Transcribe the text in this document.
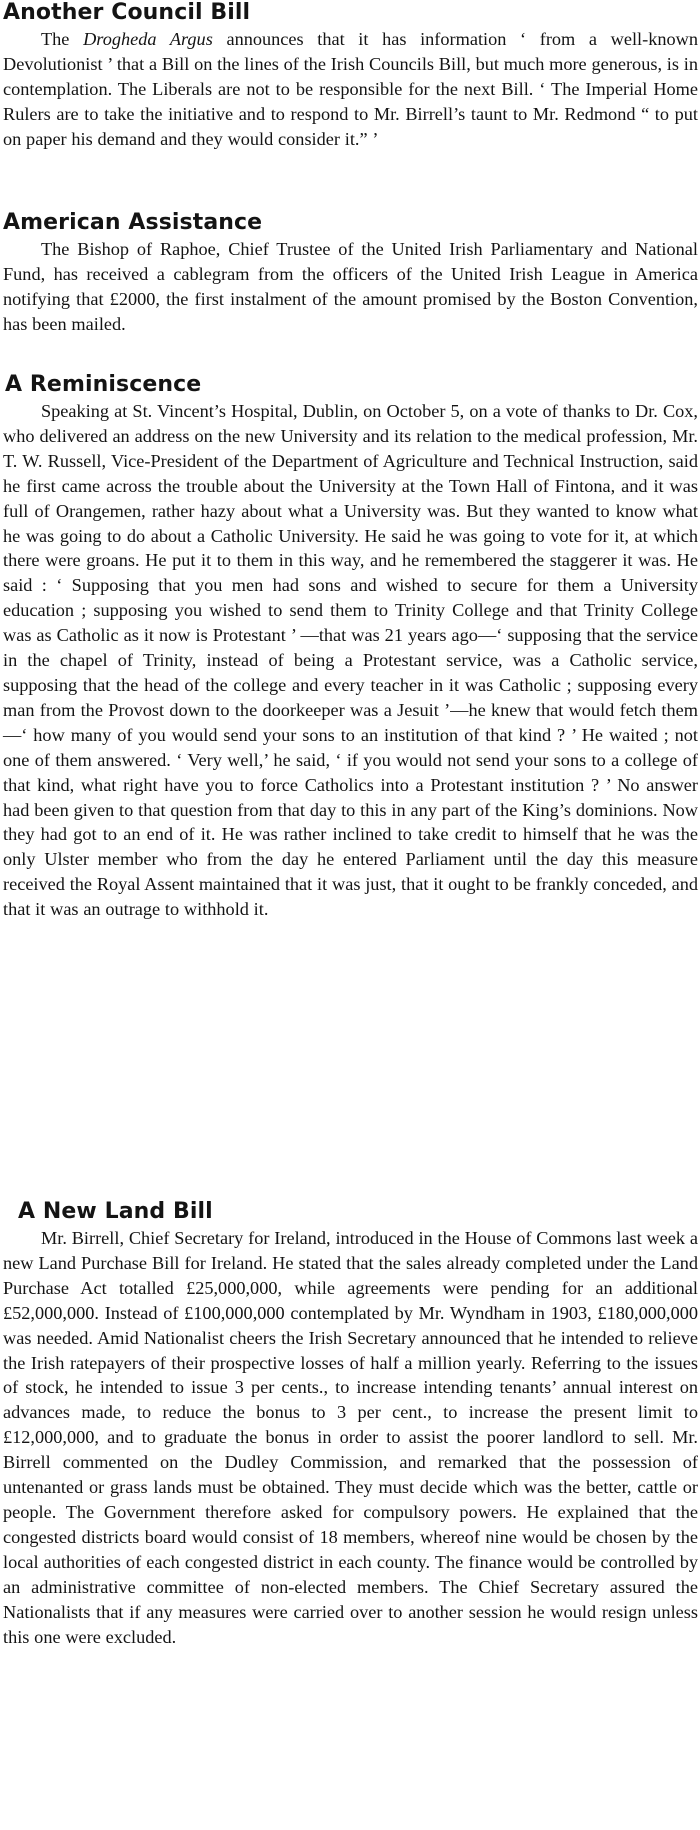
Another Council Bill

The Drogheda Argus announces that it has information ‘ from a well-known Devolutionist ’ that a Bill on the lines of the Irish Councils Bill, but much more generous, is in contemplation. The Liberals are not to be responsible for the next Bill. ‘ The Imperial Home Rulers are to take the initiative and to respond to Mr. Birrell’s taunt to Mr. Redmond “ to put on paper his demand and they would consider it.” ’

American Assistance

The Bishop of Raphoe, Chief Trustee of the United Irish Parliamentary and National Fund, has received a cablegram from the officers of the United Irish League in America notifying that £2000, the first instalment of the amount promised by the Boston Convention, has been mailed.

A Reminiscence

Speaking at St. Vincent’s Hospital, Dublin, on October 5, on a vote of thanks to Dr. Cox, who delivered an address on the new University and its relation to the medical profession, Mr. T. W. Russell, Vice-President of the Department of Agriculture and Technical Instruction, said he first came across the trouble about the University at the Town Hall of Fintona, and it was full of Orangemen, rather hazy about what a University was. But they wanted to know what he was going to do about a Catholic University. He said he was going to vote for it, at which there were groans. He put it to them in this way, and he remembered the staggerer it was. He said : ‘ Supposing that you men had sons and wished to secure for them a University education ; supposing you wished to send them to Trinity College and that Trinity College was as Catholic as it now is Protestant ’ —that was 21 years ago—‘ supposing that the service in the chapel of Trinity, instead of being a Protestant service, was a Catholic service, supposing that the head of the college and every teacher in it was Catholic ; supposing every man from the Provost down to the doorkeeper was a Jesuit ’—he knew that would fetch them—‘ how many of you would send your sons to an institution of that kind ? ’ He waited ; not one of them answered. ‘ Very well,’ he said, ‘ if you would not send your sons to a college of that kind, what right have you to force Catholics into a Protestant institution ? ’ No answer had been given to that question from that day to this in any part of the King’s dominions. Now they had got to an end of it. He was rather inclined to take credit to himself that he was the only Ulster member who from the day he entered Parliament until the day this measure received the Royal Assent maintained that it was just, that it ought to be frankly conceded, and that it was an outrage to withhold it.

A New Land Bill

Mr. Birrell, Chief Secretary for Ireland, introduced in the House of Commons last week a new Land Purchase Bill for Ireland. He stated that the sales already completed under the Land Purchase Act totalled £25,000,000, while agreements were pending for an additional £52,000,000. Instead of £100,000,000 contemplated by Mr. Wyndham in 1903, £180,000,000 was needed. Amid Nationalist cheers the Irish Secretary announced that he intended to relieve the Irish ratepayers of their prospective losses of half a million yearly. Referring to the issues of stock, he intended to issue 3 per cents., to increase intending tenants’ annual interest on advances made, to reduce the bonus to 3 per cent., to increase the present limit to £12,000,000, and to graduate the bonus in order to assist the poorer landlord to sell. Mr. Birrell commented on the Dudley Commission, and remarked that the possession of untenanted or grass lands must be obtained. They must decide which was the better, cattle or people. The Government therefore asked for compulsory powers. He explained that the congested districts board would consist of 18 members, whereof nine would be chosen by the local authorities of each congested district in each county. The finance would be controlled by an administrative committee of non-elected members. The Chief Secretary assured the Nationalists that if any measures were carried over to another session he would resign unless this one were excluded.
